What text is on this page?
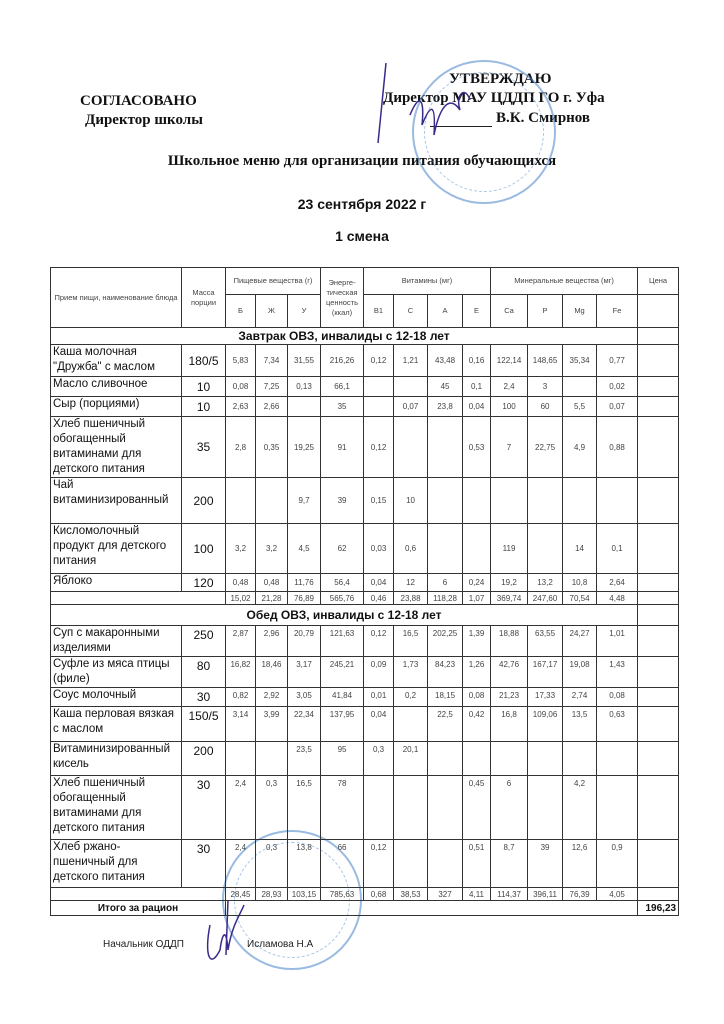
УТВЕРЖДАЮ
Директор МАУ ЦДДП ГО г. Уфа
В.К. Смирнов
СОГЛАСОВАНО
Директор школы
Школьное меню для организации питания обучающихся
23 сентября 2022 г
1 смена
Прием пищи, наименование блюда	Масса порции	Пищевые вещества (г)			Энерге-тическая ценность (ккал)	Витамины (мг)				Минеральные вещества (мг)				Цена
		Б	Ж	У		B1	C	A	E	Ca	P	Mg	Fe	
Завтрак ОВЗ, инвалиды с 12-18 лет														
Каша молочная "Дружба" с маслом	180/5	5,83	7,34	31,55	216,26	0,12	1,21	43,48	0,16	122,14	148,65	35,34	0,77	
Масло сливочное	10	0,08	7,25	0,13	66,1			45	0,1	2,4	3		0,02	
Сыр (порциями)	10	2,63	2,66		35		0,07	23,8	0,04	100	60	5,5	0,07	
Хлеб пшеничный обогащенный витаминами для детского питания	35	2,8	0,35	19,25	91	0,12			0,53	7	22,75	4,9	0,88	
Чай витаминизированный	200			9,7	39	0,15	10							
Кисломолочный продукт для детского питания	100	3,2	3,2	4,5	62	0,03	0,6			119		14	0,1	
Яблоко	120	0,48	0,48	11,76	56,4	0,04	12	6	0,24	19,2	13,2	10,8	2,64	
		15,02	21,28	76,89	565,76	0,46	23,88	118,28	1,07	369,74	247,60	70,54	4,48	
Обед ОВЗ, инвалиды с 12-18 лет														
Суп с макаронными изделиями	250	2,87	2,96	20,79	121,63	0,12	16,5	202,25	1,39	18,88	63,55	24,27	1,01	
Суфле из мяса птицы (филе)	80	16,82	18,46	3,17	245,21	0,09	1,73	84,23	1,26	42,76	167,17	19,08	1,43	
Соус молочный	30	0,82	2,92	3,05	41,84	0,01	0,2	18,15	0,08	21,23	17,33	2,74	0,08	
Каша перловая вязкая с маслом	150/5	3,14	3,99	22,34	137,95	0,04		22,5	0,42	16,8	109,06	13,5	0,63	
Витаминизированный кисель	200			23,5	95	0,3	20,1							
Хлеб пшеничный обогащенный витаминами для детского питания	30	2,4	0,3	16,5	78				0,45	6		4,2		
Хлеб ржано-пшеничный для детского питания	30	2,4	0,3	13,8	66	0,12			0,51	8,7	39	12,6	0,9	
		28,45	28,93	103,15	785,63	0,68	38,53	327	4,11	114,37	396,11	76,39	4,05	
Итого за рацион														196,23
Начальник ОДДП	Исламова Н.А
